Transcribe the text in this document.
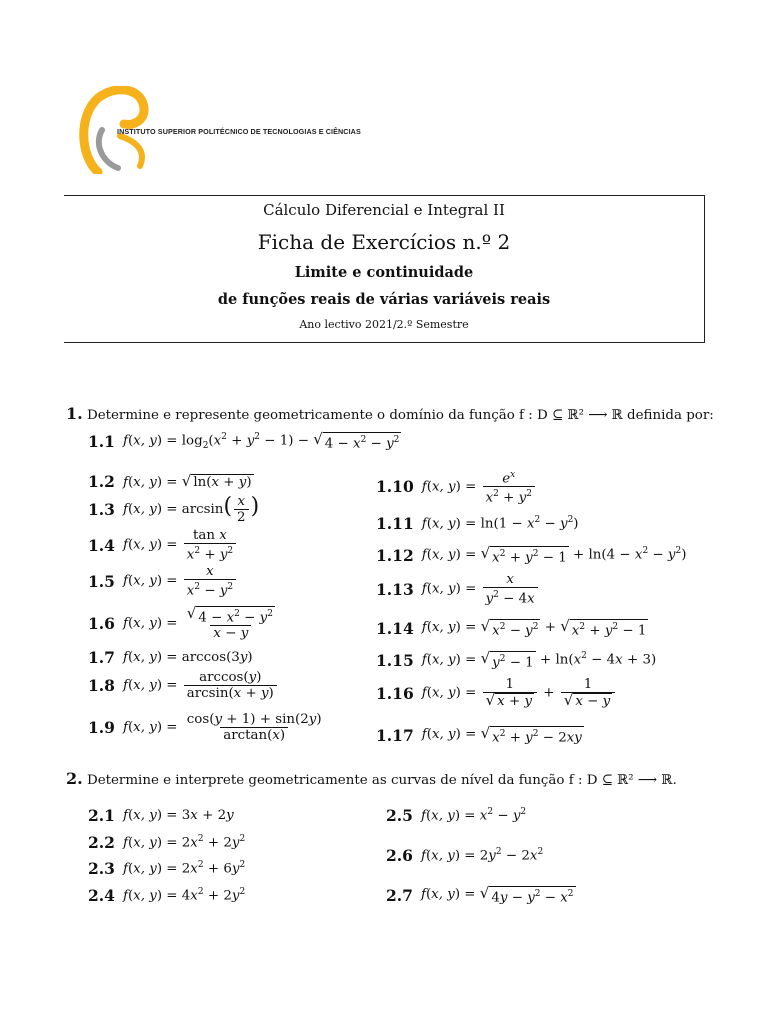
INSTITUTO SUPERIOR POLITÉCNICO DE TECNOLOGIAS E CIÊNCIAS
Cálculo Diferencial e Integral II
Ficha de Exercícios n.º 2
Limite e continuidade
de funções reais de várias variáveis reais
Ano lectivo 2021/2.º Semestre
1. Determine e represente geometricamente o domínio da função f : D ⊆ ℝ² ⟶ ℝ definida por:
1.1 f(x, $y) = \log_2(x^2 + y^2 - 1)$ − √ $4 - x^2 - y^2$
1.2 f(x, y) = √ ln(x + y)
1.3 f(x, $y) = \arcsin( \frac{x}{2}$ )
1.4 f(x, $y) = \frac{\text{tan x}}{x^2 + y^2}$
1.5 f(x, $y) = \frac{x}{x^2 - y^2}$
1.6 f(x, $y) = \frac{√ 4 - x^2 - y^2}{x - y}$
1.7 f(x, y) = arccos(3y)
1.8 f(x, $y) = \frac{\arccos(y)}{\arcsin(x + y)}$
1.9 f(x, $y) = \frac{\cos(y + 1) + \sin(2y)}{\arctan(x)}$
1.10 f(x, $y) = \frac{e^x}{x^2 + y^2}$
1.11 f(x, $y) = \ln(1 - x^2 - y^2)$
1.12 f(x, y) = √ $x^2 + y^2 - 1 + \ln(4 - x^2 - y^2)$
1.13 f(x, $y) = \frac{x}{y^2 - 4x}$
1.14 f(x, y) = √ $x^2 - y^2$ + √ $x^2 + y^2 - 1$
1.15 f(x, y) = √ $y^2 - 1 + \ln(x^2 - 4x + 3)$
1.16 f(x, $y) = \frac{1}{√ x + y} + \frac{1}{√ x - y}$
1.17 f(x, y) = √ $x^2 + y^2 - 2xy$
2. Determine e interprete geometricamente as curvas de nível da função f : D ⊆ ℝ² ⟶ ℝ.
2.1 f(x, y) = 3x + 2y
2.2 f(x, $y) = 2x^2 + 2y^2$
2.3 f(x, $y) = 2x^2 + 6y^2$
2.4 f(x, $y) = 4x^2 + 2y^2$
2.5 f(x, $y) = x^2 - y^2$
2.6 f(x, $y) = 2y^2 - 2x^2$
2.7 f(x, y) = √ $4y - y^2 - x^2$
